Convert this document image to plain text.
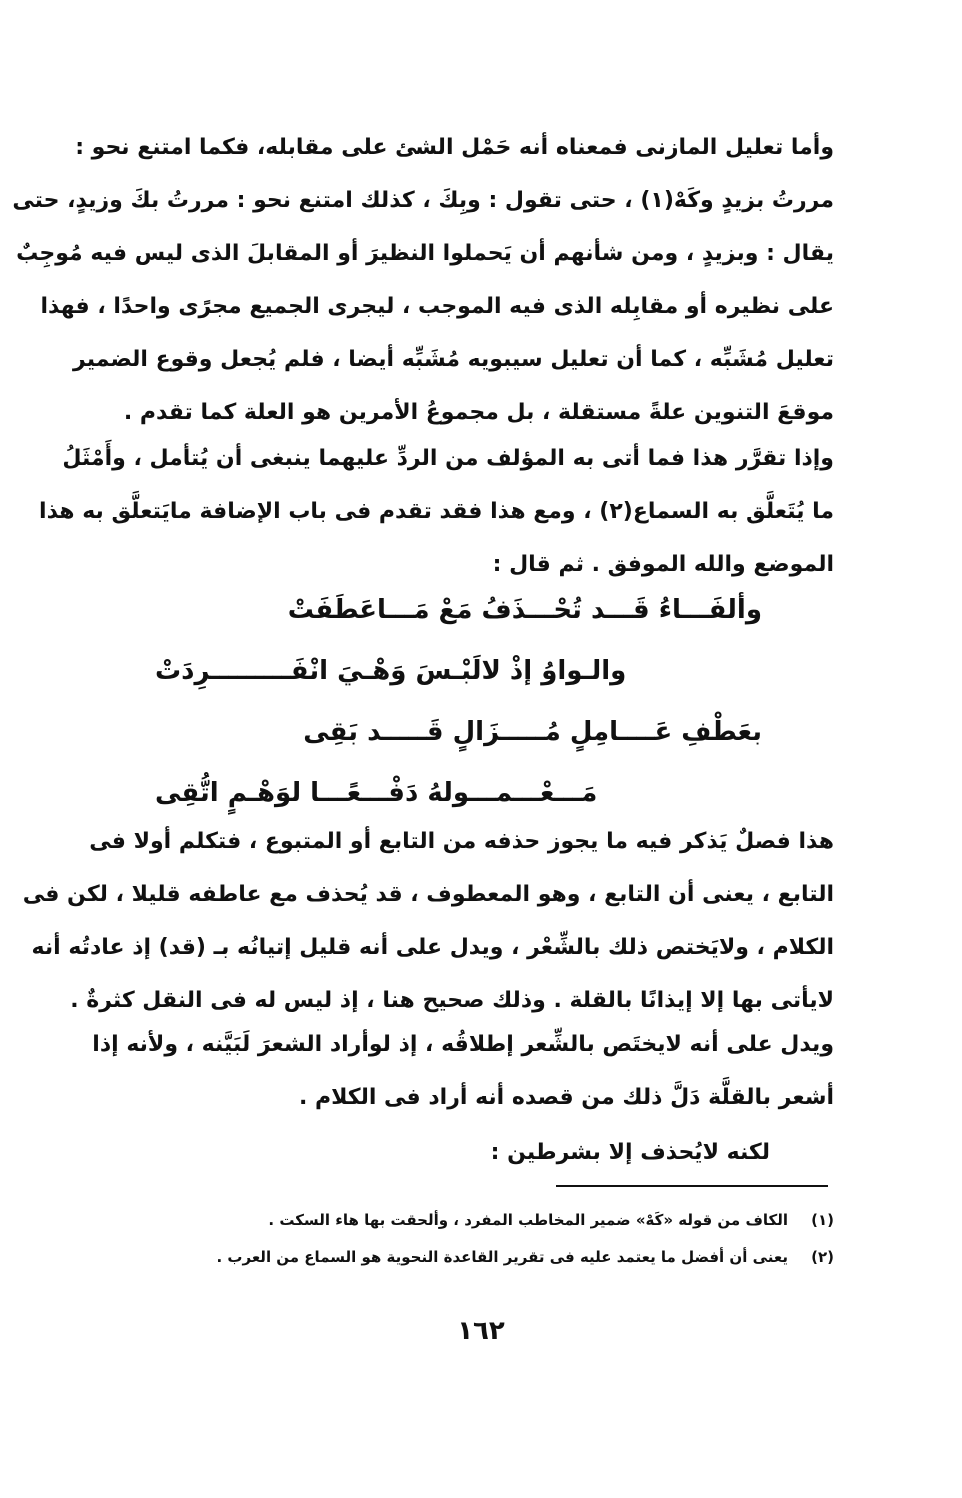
وأما تعليل المازنى فمعناه أنه حَمْل الشئ على مقابله، فكما امتنع نحو :
مررتُ بزيدٍ وكَهْ(١) ، حتى تقول : وبِكَ ، كذلك امتنع نحو : مررتُ بكَ وزيدٍ، حتى
يقال : وبزيدٍ ، ومن شأنهم أن يَحملوا النظيرَ أو المقابلَ الذى ليس فيه مُوجِبٌ
على نظيره أو مقابِله الذى فيه الموجب ، ليجرى الجميع مجرًى واحدًا ، فهذا
تعليل مُشَبِّه ، كما أن تعليل سيبويه مُشَبِّه أيضا ، فلم يُجعل وقوع الضمير
موقعَ التنوين علةً مستقلة ، بل مجموعُ الأمرين هو العلة كما تقدم .
وإذا تقرَّر هذا فما أتى به المؤلف من الردِّ عليهما ينبغى أن يُتأمل ، وأَمْثَلُ
ما يُتَعلَّق به السماع(٢) ، ومع هذا فقد تقدم فى باب الإضافة مايَتعلَّق به هذا
الموضع والله الموفق . ثم قال :
وألفَـــاءُ قَـــد تُحْـــذَفُ مَعْ مَـــاعَطَفَتْ
والـواوُ إذْ لالَبْـسَ وَهْـيَ انْفَـــــــــرِدَتْ
بعَطْفِ عَــــامِلٍ مُـــــزَالٍ قَـــــد بَقِى
مَـــعْـــمـــولهُ دَفْـــعًـــا لوَهْـمٍ اتُّقِى
هذا فصلٌ يَذكر فيه ما يجوز حذفه من التابع أو المتبوع ، فتكلم أولا فى
التابع ، يعنى أن التابع ، وهو المعطوف ، قد يُحذف مع عاطفه قليلا ، لكن فى
الكلام ، ولايَختص ذلك بالشِّعْر ، ويدل على أنه قليل إتيانُه بـ (قد) إذ عادتُه أنه
لايأتى بها إلا إيذانًا بالقلة . وذلك صحيح هنا ، إذ ليس له فى النقل كثرةٌ .
ويدل على أنه لايختَص بالشِّعر إطلاقُه ، إذ لوأراد الشعرَ لَبَيَّنه ، ولأنه إذا
أشعر بالقلَّة دَلَّ ذلك من قصده أنه أراد فى الكلام .
لكنه لايُحذف إلا بشرطين :
(١)الكاف من قوله «كَهْ» ضمير المخاطب المفرد ، وألحقت بها هاء السكت .
(٢)يعنى أن أفضل ما يعتمد عليه فى تقرير القاعدة النحوية هو السماع من العرب .
١٦٢
